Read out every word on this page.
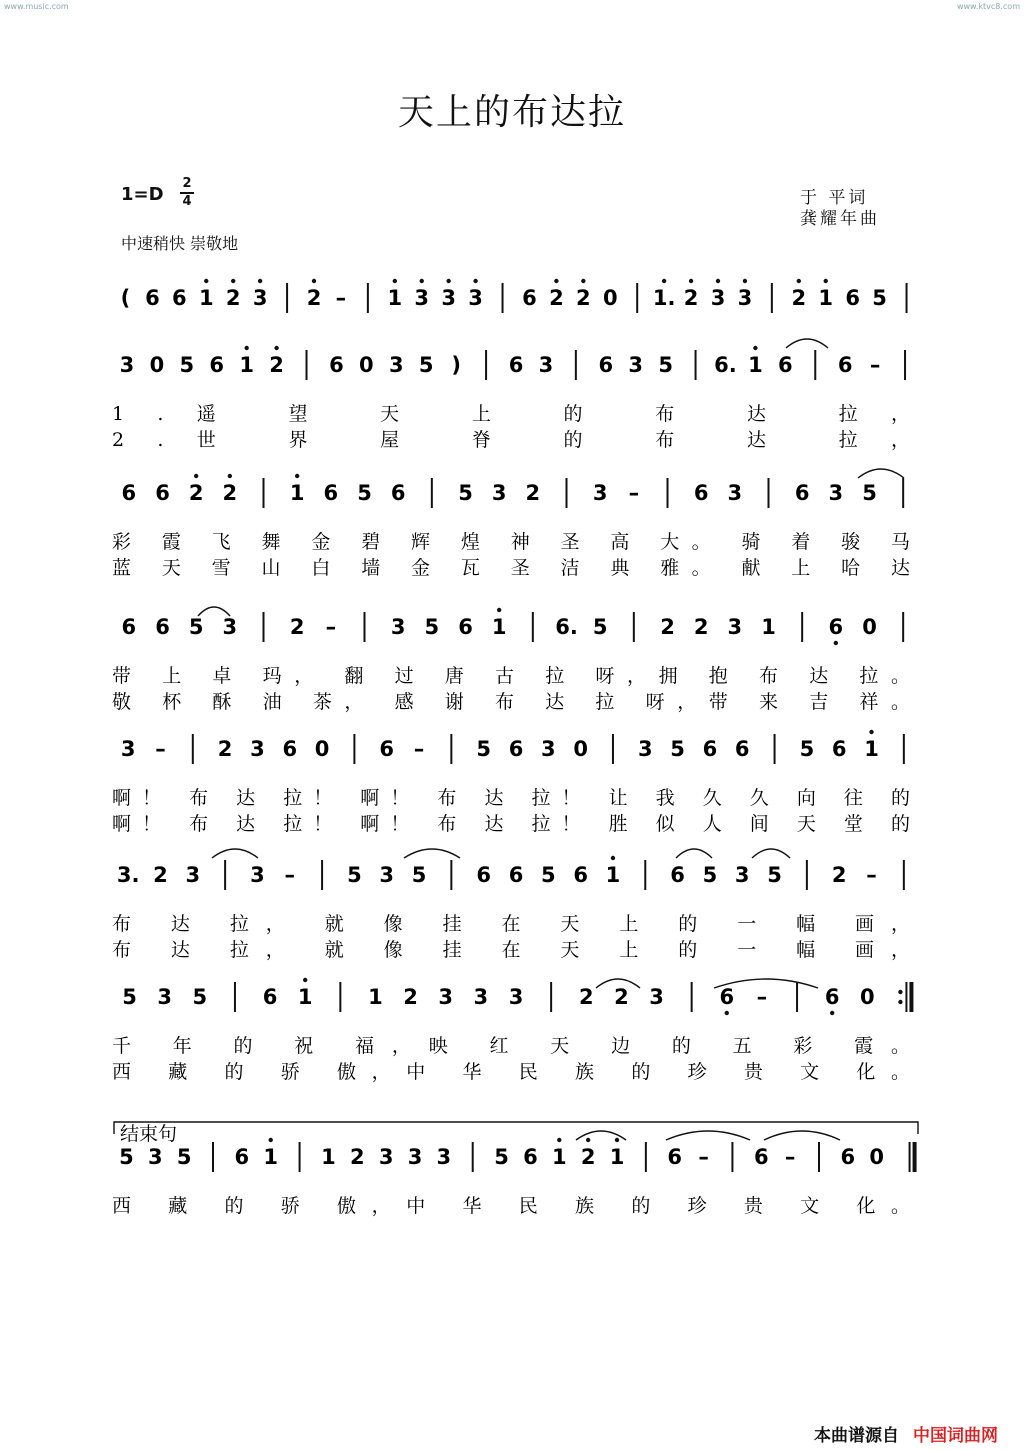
www.music.com	www.ktvc8.com
天上的布达拉
1=D
2
4
中速稍快 崇敬地
于 平词
龚耀年曲
( 6 6 1 2 3 2 – 1 3 3 3 6 2 2 0 1. 2 3 3 2 1 6 5
3 0 5 6 1 2 6 0 3 5 ) 6 3 6 3 5 6. 1 6 6 –
1.遥 望 天 上 的 布 达 拉，
2.世 界 屋 脊 的 布 达 拉，
6 6 2 2	1 6 5 6	5 3 2	3 –	6 3	6 3 5
彩 霞 飞 舞 金 碧 辉 煌 神 圣 高 大。 骑 着 骏 马
蓝 天 雪 山 白 墙 金 瓦 圣 洁 典 雅。 献 上 哈 达
6 6 5 3	2 –	3 5 6 1 6. 5	2 2 3 1	6 0
带 上 卓 玛， 翻 过 唐 古 拉 呀，拥 抱 布 达 拉。
敬 杯 酥 油 茶， 感 谢 布 达 拉 呀，带 来 吉 祥。
3 – 2 3 6 0 6 – 5 6 3 0 3 5 6 6 5 6 1
啊！ 布 达 拉！ 啊！ 布 达 拉！ 让 我 久 久 向 往 的
啊！ 布 达 拉！ 啊！ 布 达 拉！ 胜 似 人 间 天 堂 的
3. 2 3 3 – 5 3 5 6 6 5 6 1 6 5 3 5 2 –
布 达 拉， 就 像 挂 在 天 上 的 一 幅 画，
布 达 拉， 就 像 挂 在 天 上 的 一 幅 画，
5 3 5	6 1	1 2 3 3 3	2 2 3	6 –	6 0
千 年 的 祝 福，映 红 天 边 的 五 彩 霞。
西 藏 的 骄 傲，中 华 民 族 的 珍 贵 文 化。
5 3 5 6 1 1 2 3 3 3 5 6 1 2 1 6 – 6 – 6 0
西 藏 的 骄 傲，中 华 民 族 的 珍 贵 文 化。
结束句
本曲谱源自 中国词曲网
